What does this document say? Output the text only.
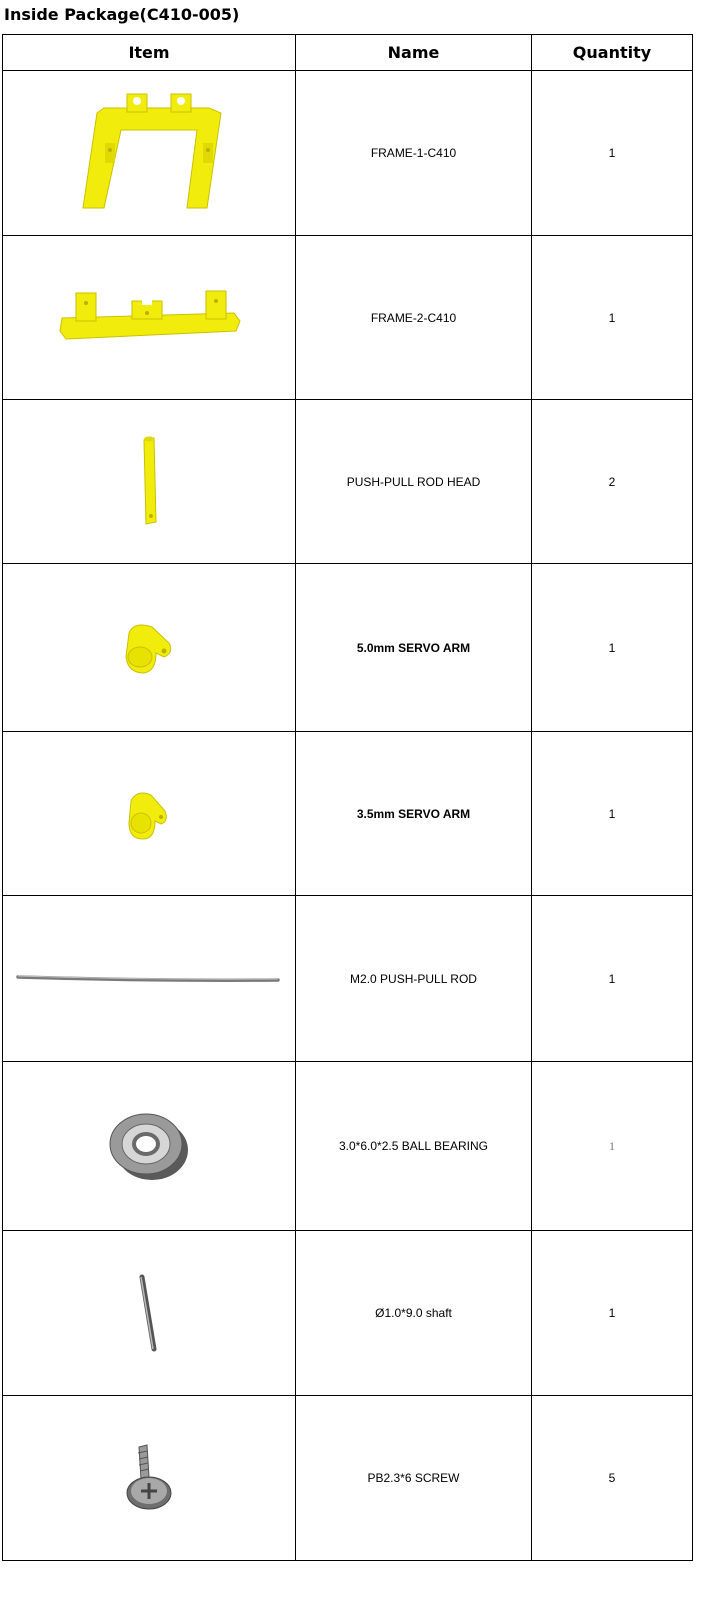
Inside Package(C410-005)
Item	Name	Quantity

	FRAME-1-C410	1

	FRAME-2-C410	1

	PUSH-PULL ROD HEAD	2

	5.0mm SERVO ARM	1

	3.5mm SERVO ARM	1

	M2.0 PUSH-PULL ROD	1

	3.0*6.0*2.5 BALL BEARING	1

	Ø1.0*9.0 shaft	1

	PB2.3*6 SCREW	5
